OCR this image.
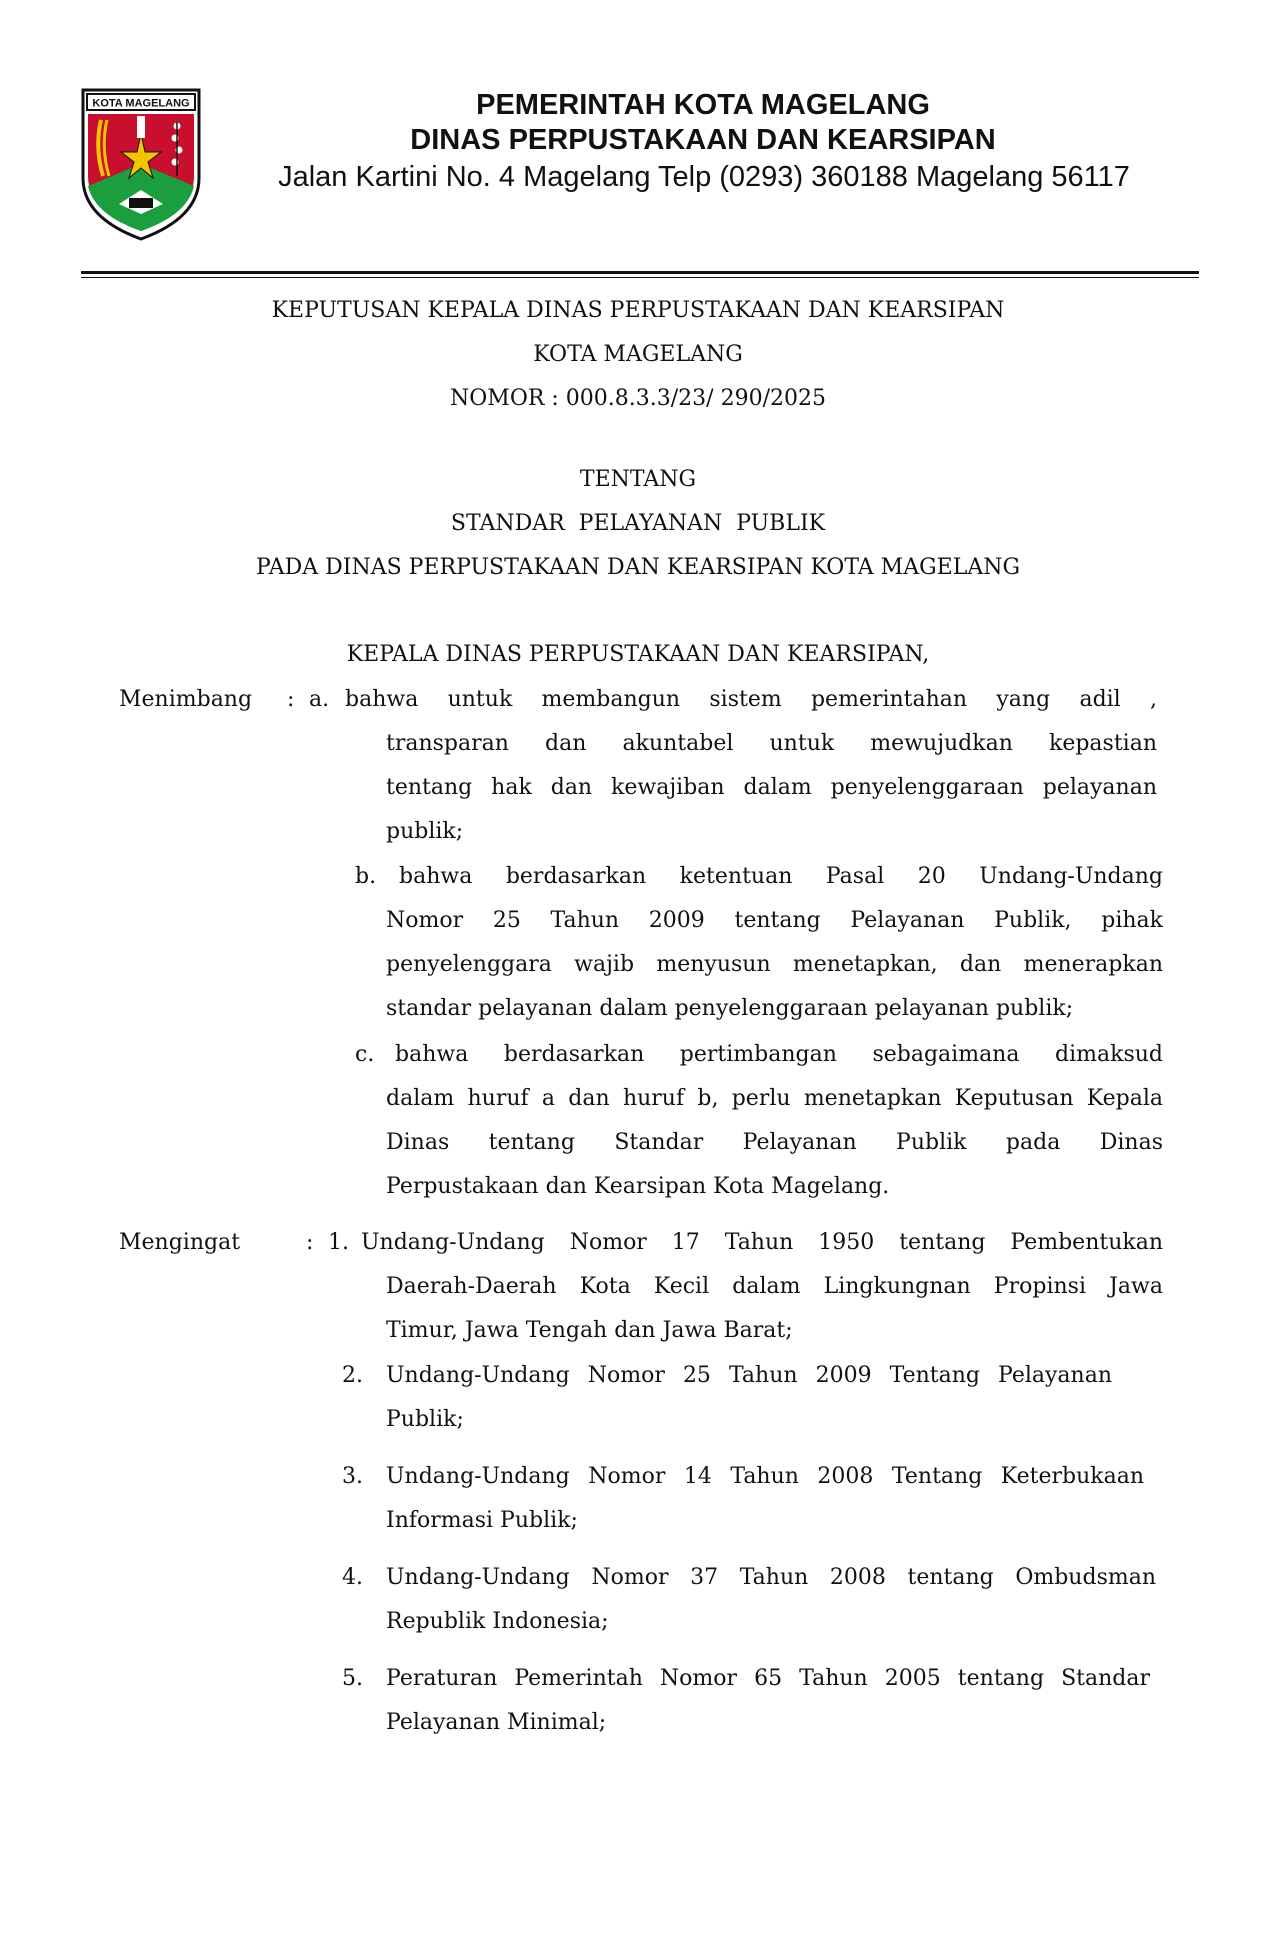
KOTA MAGELANG	PEMERINTAH KOTA MAGELANG
DINAS PERPUSTAKAAN DAN KEARSIPAN
Jalan Kartini No. 4 Magelang Telp (0293) 360188 Magelang 56117
KEPUTUSAN KEPALA DINAS PERPUSTAKAAN DAN KEARSIPAN
KOTA MAGELANG
NOMOR : 000.8.3.3/23/ 290/2025
TENTANG
STANDAR  PELAYANAN  PUBLIK
PADA DINAS PERPUSTAKAAN DAN KEARSIPAN KOTA MAGELANG
KEPALA DINAS PERPUSTAKAAN DAN KEARSIPAN,
Menimbang : a. bahwa untuk membangun sistem pemerintahan yang adil ,
transparan dan akuntabel untuk mewujudkan kepastian
tentang hak dan kewajiban dalam penyelenggaraan pelayanan
publik;
b. bahwa berdasarkan ketentuan Pasal 20 Undang-Undang
Nomor 25 Tahun 2009 tentang Pelayanan Publik, pihak
penyelenggara wajib menyusun menetapkan, dan menerapkan
standar pelayanan dalam penyelenggaraan pelayanan publik;
c. bahwa berdasarkan pertimbangan sebagaimana dimaksud
dalam huruf a dan huruf b, perlu menetapkan Keputusan Kepala
Dinas tentang Standar Pelayanan Publik pada Dinas
Perpustakaan dan Kearsipan Kota Magelang.
Mengingat	: 1. Undang-Undang Nomor 17 Tahun 1950 tentang Pembentukan
Daerah-Daerah Kota Kecil dalam Lingkungnan Propinsi Jawa
Timur, Jawa Tengah dan Jawa Barat;
2. Undang-Undang Nomor 25 Tahun 2009 Tentang Pelayanan
Publik;
3. Undang-Undang Nomor 14 Tahun 2008 Tentang Keterbukaan
Informasi Publik;
4. Undang-Undang Nomor 37 Tahun 2008 tentang Ombudsman
Republik Indonesia;
5. Peraturan Pemerintah Nomor 65 Tahun 2005 tentang Standar
Pelayanan Minimal;
